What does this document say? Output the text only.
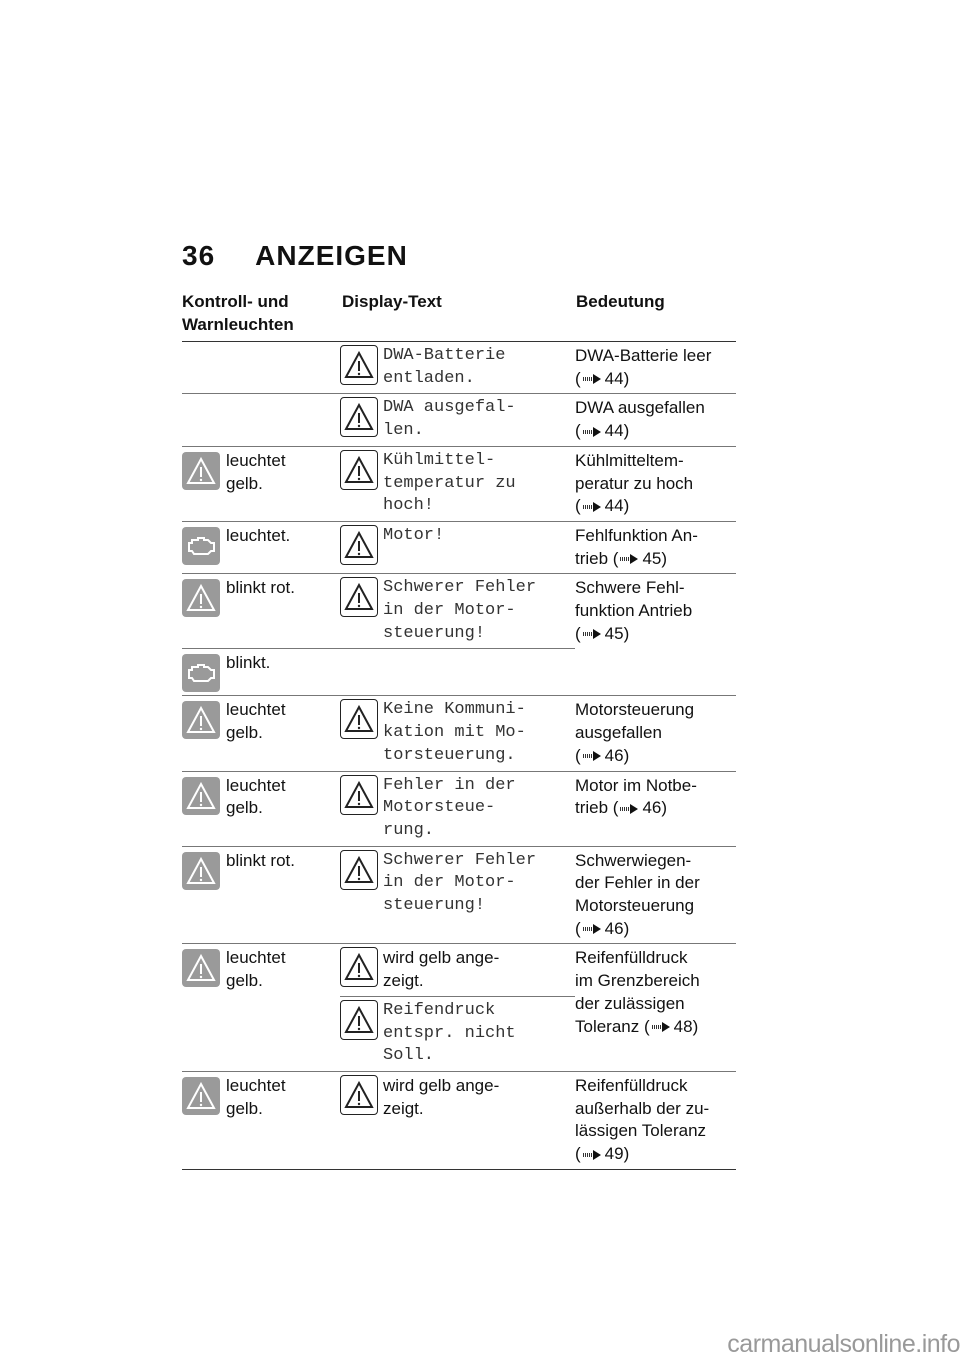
36 ANZEIGEN
Kontroll- und
Warnleuchten
Display-Text	Bedeutung

	DWA-Batterie
entladen.	DWA-Batterie leer
( 44 )

	DWA ausgefal-
len.	DWA ausgefallen
( 44 )

leuchtet
gelb.	Kühlmittel-
temperatur zu
hoch!	Kühlmitteltem-
peratur zu hoch
( 44 )

leuchtet.	Motor!	Fehlfunktion An-
trieb ( 45 )

blinkt rot.	Schwerer Fehler
in der Motor-
steuerung!	Schwere Fehl-
funktion Antrieb
( 45 )

blinkt.		

leuchtet
gelb.	Keine Kommuni-
kation mit Mo-
torsteuerung.	Motorsteuerung
ausgefallen
( 46 )

leuchtet
gelb.	Fehler in der
Motorsteue-
rung.	Motor im Notbe-
trieb ( 46 )

blinkt rot.	Schwerer Fehler
in der Motor-
steuerung!	Schwerwiegen-
der Fehler in der
Motorsteuerung
( 46 )

leuchtet
gelb.	wird gelb ange-
zeigt.	Reifenfülldruck
im Grenzbereich
der zulässigen
Toleranz ( 48 )

	Reifendruck
entspr. nicht
Soll.	

leuchtet
gelb.	wird gelb ange-
zeigt.	Reifenfülldruck
außerhalb der zu-
lässigen Toleranz
( 49 )
carmanualsonline.info
